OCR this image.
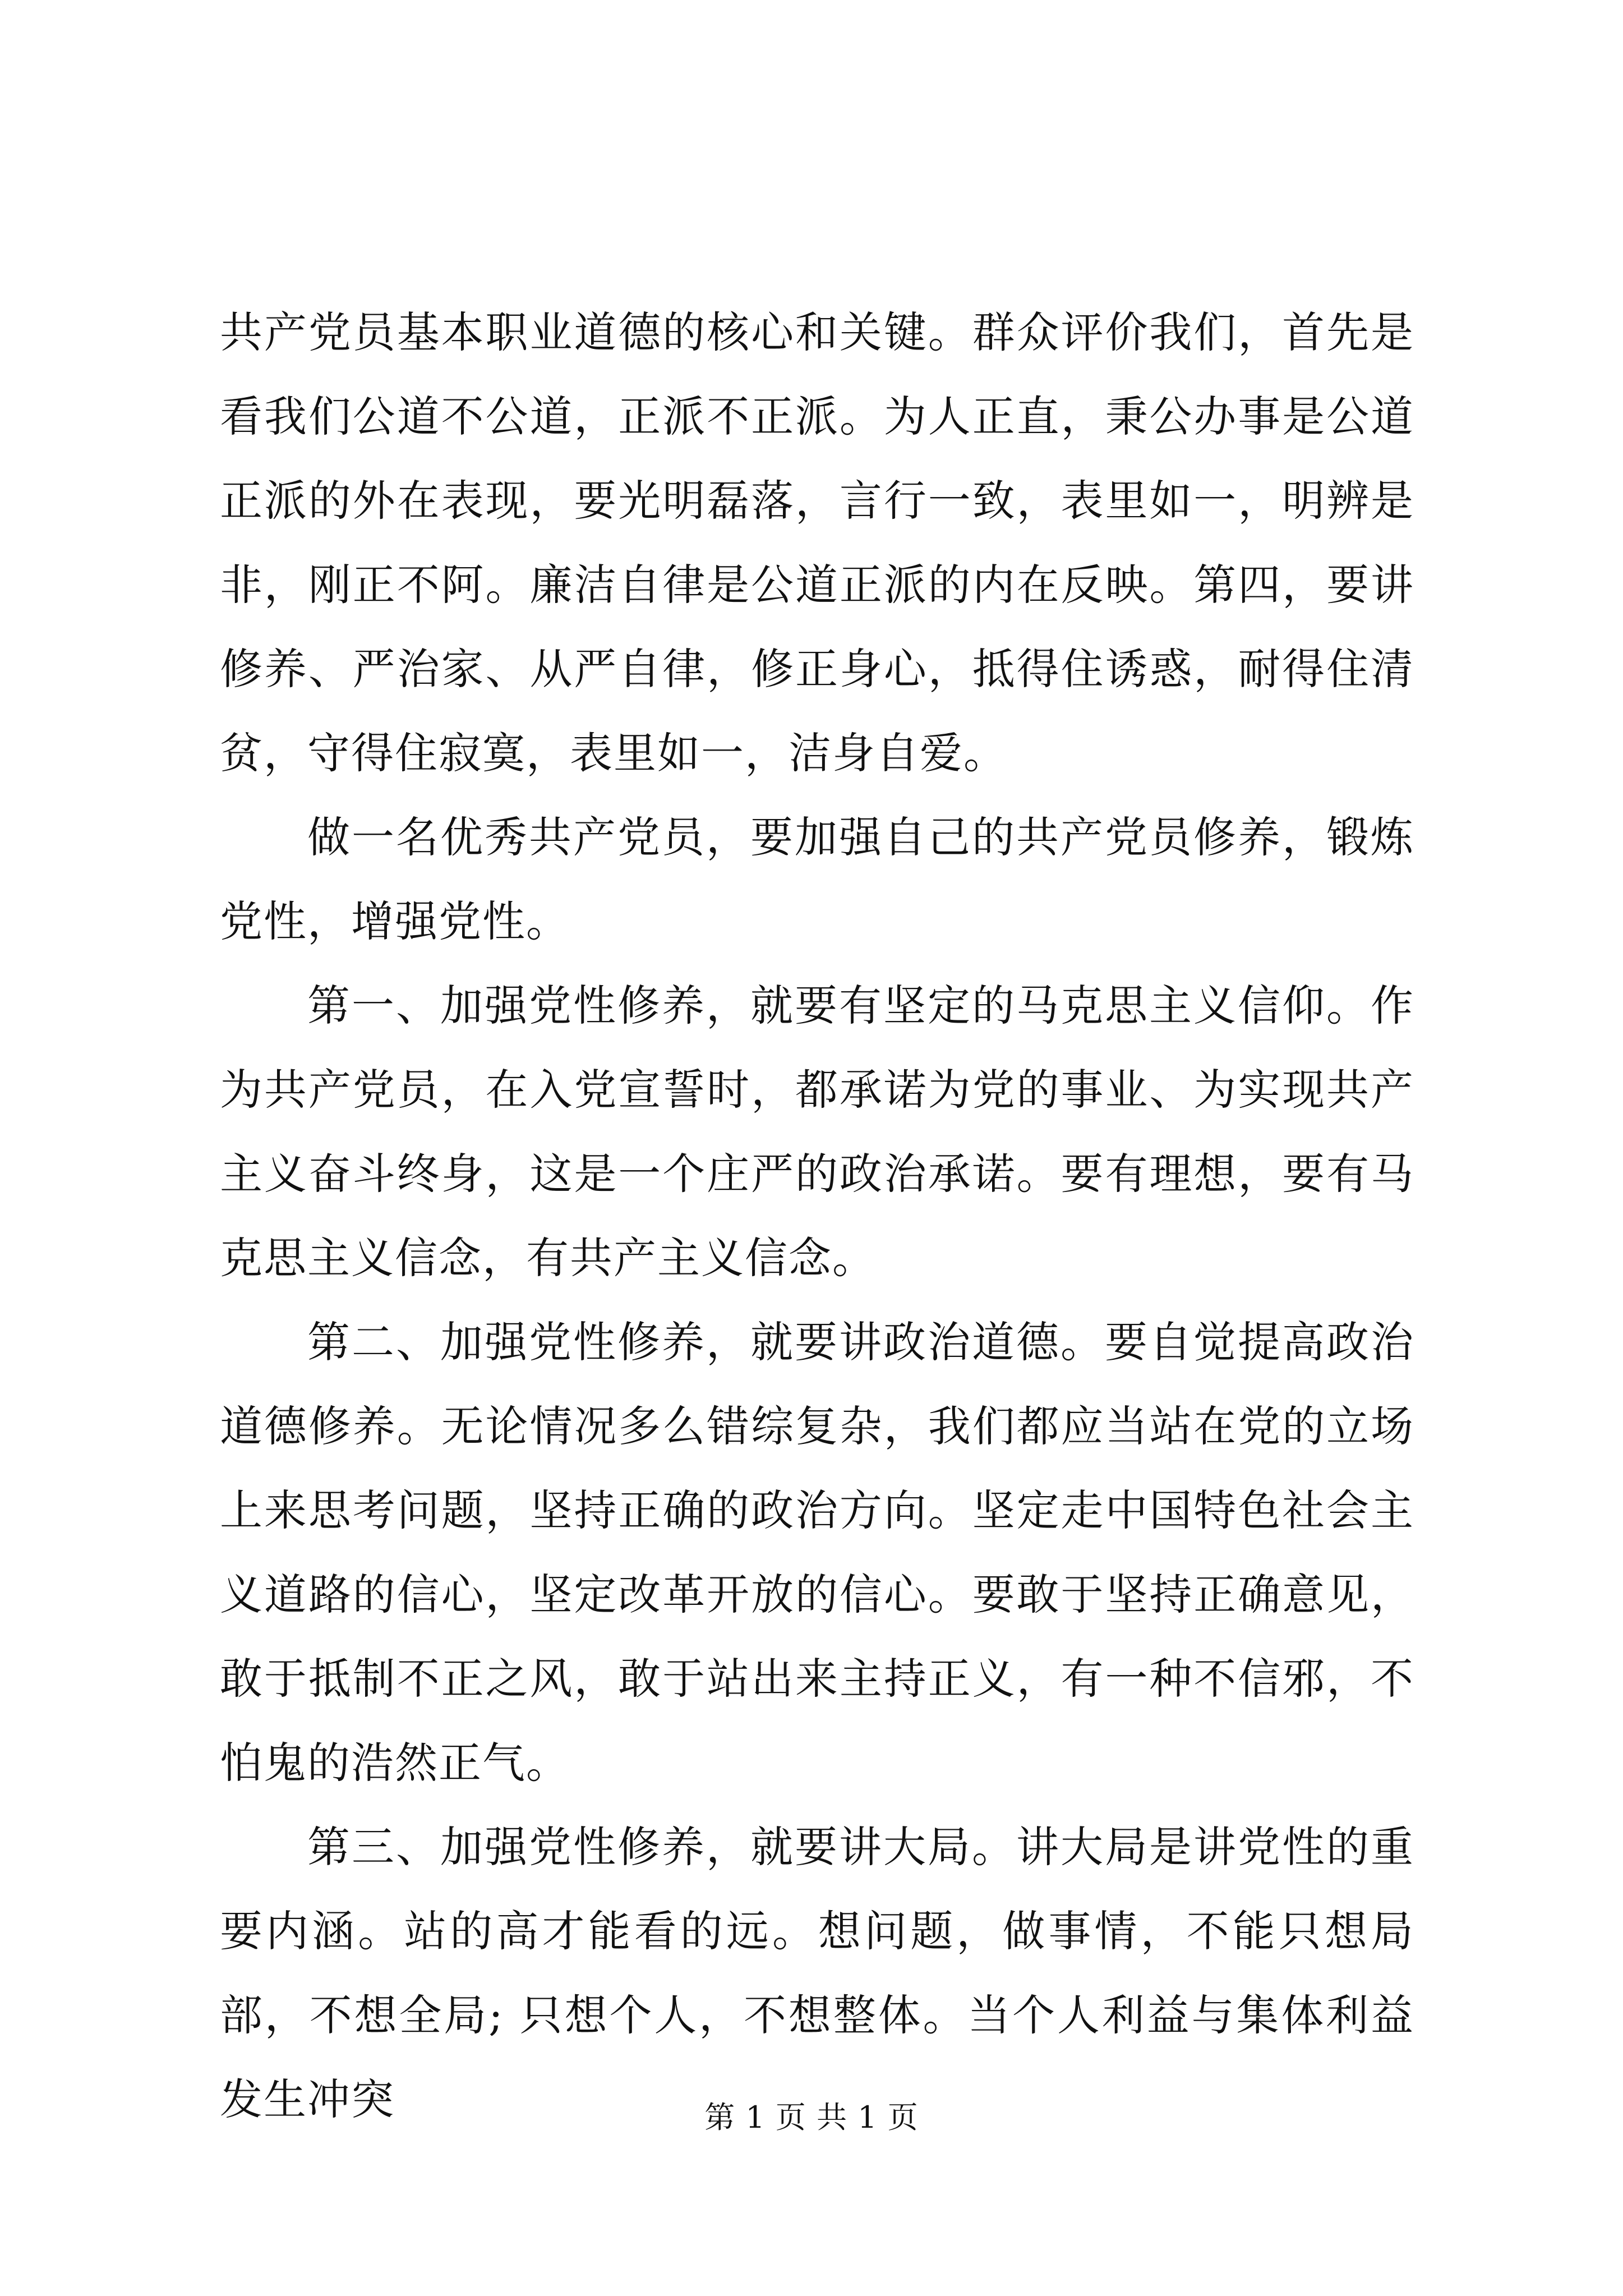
共产党员基本职业道德的核心和关键。群众评价我们，首先是看我们公道不公道，正派不正派。为人正直，秉公办事是公道正派的外在表现，要光明磊落，言行一致，表里如一，明辨是非，刚正不阿。廉洁自律是公道正派的内在反映。第四，要讲修养、严治家、从严自律，修正身心，抵得住诱惑，耐得住清贫，守得住寂寞，表里如一，洁身自爱。

做一名优秀共产党员，要加强自己的共产党员修养，锻炼党性，增强党性。

第一、加强党性修养，就要有坚定的马克思主义信仰。作为共产党员，在入党宣誓时，都承诺为党的事业、为实现共产主义奋斗终身，这是一个庄严的政治承诺。要有理想，要有马克思主义信念，有共产主义信念。

第二、加强党性修养，就要讲政治道德。要自觉提高政治道德修养。无论情况多么错综复杂，我们都应当站在党的立场上来思考问题，坚持正确的政治方向。坚定走中国特色社会主义道路的信心，坚定改革开放的信心。要敢于坚持正确意见，敢于抵制不正之风，敢于站出来主持正义，有一种不信邪，不怕鬼的浩然正气。

第三、加强党性修养，就要讲大局。讲大局是讲党性的重要内涵。站的高才能看的远。想问题，做事情，不能只想局部，不想全局; 只想个人，不想整体。当个人利益与集体利益发生冲突	第 1 页 共 1 页
